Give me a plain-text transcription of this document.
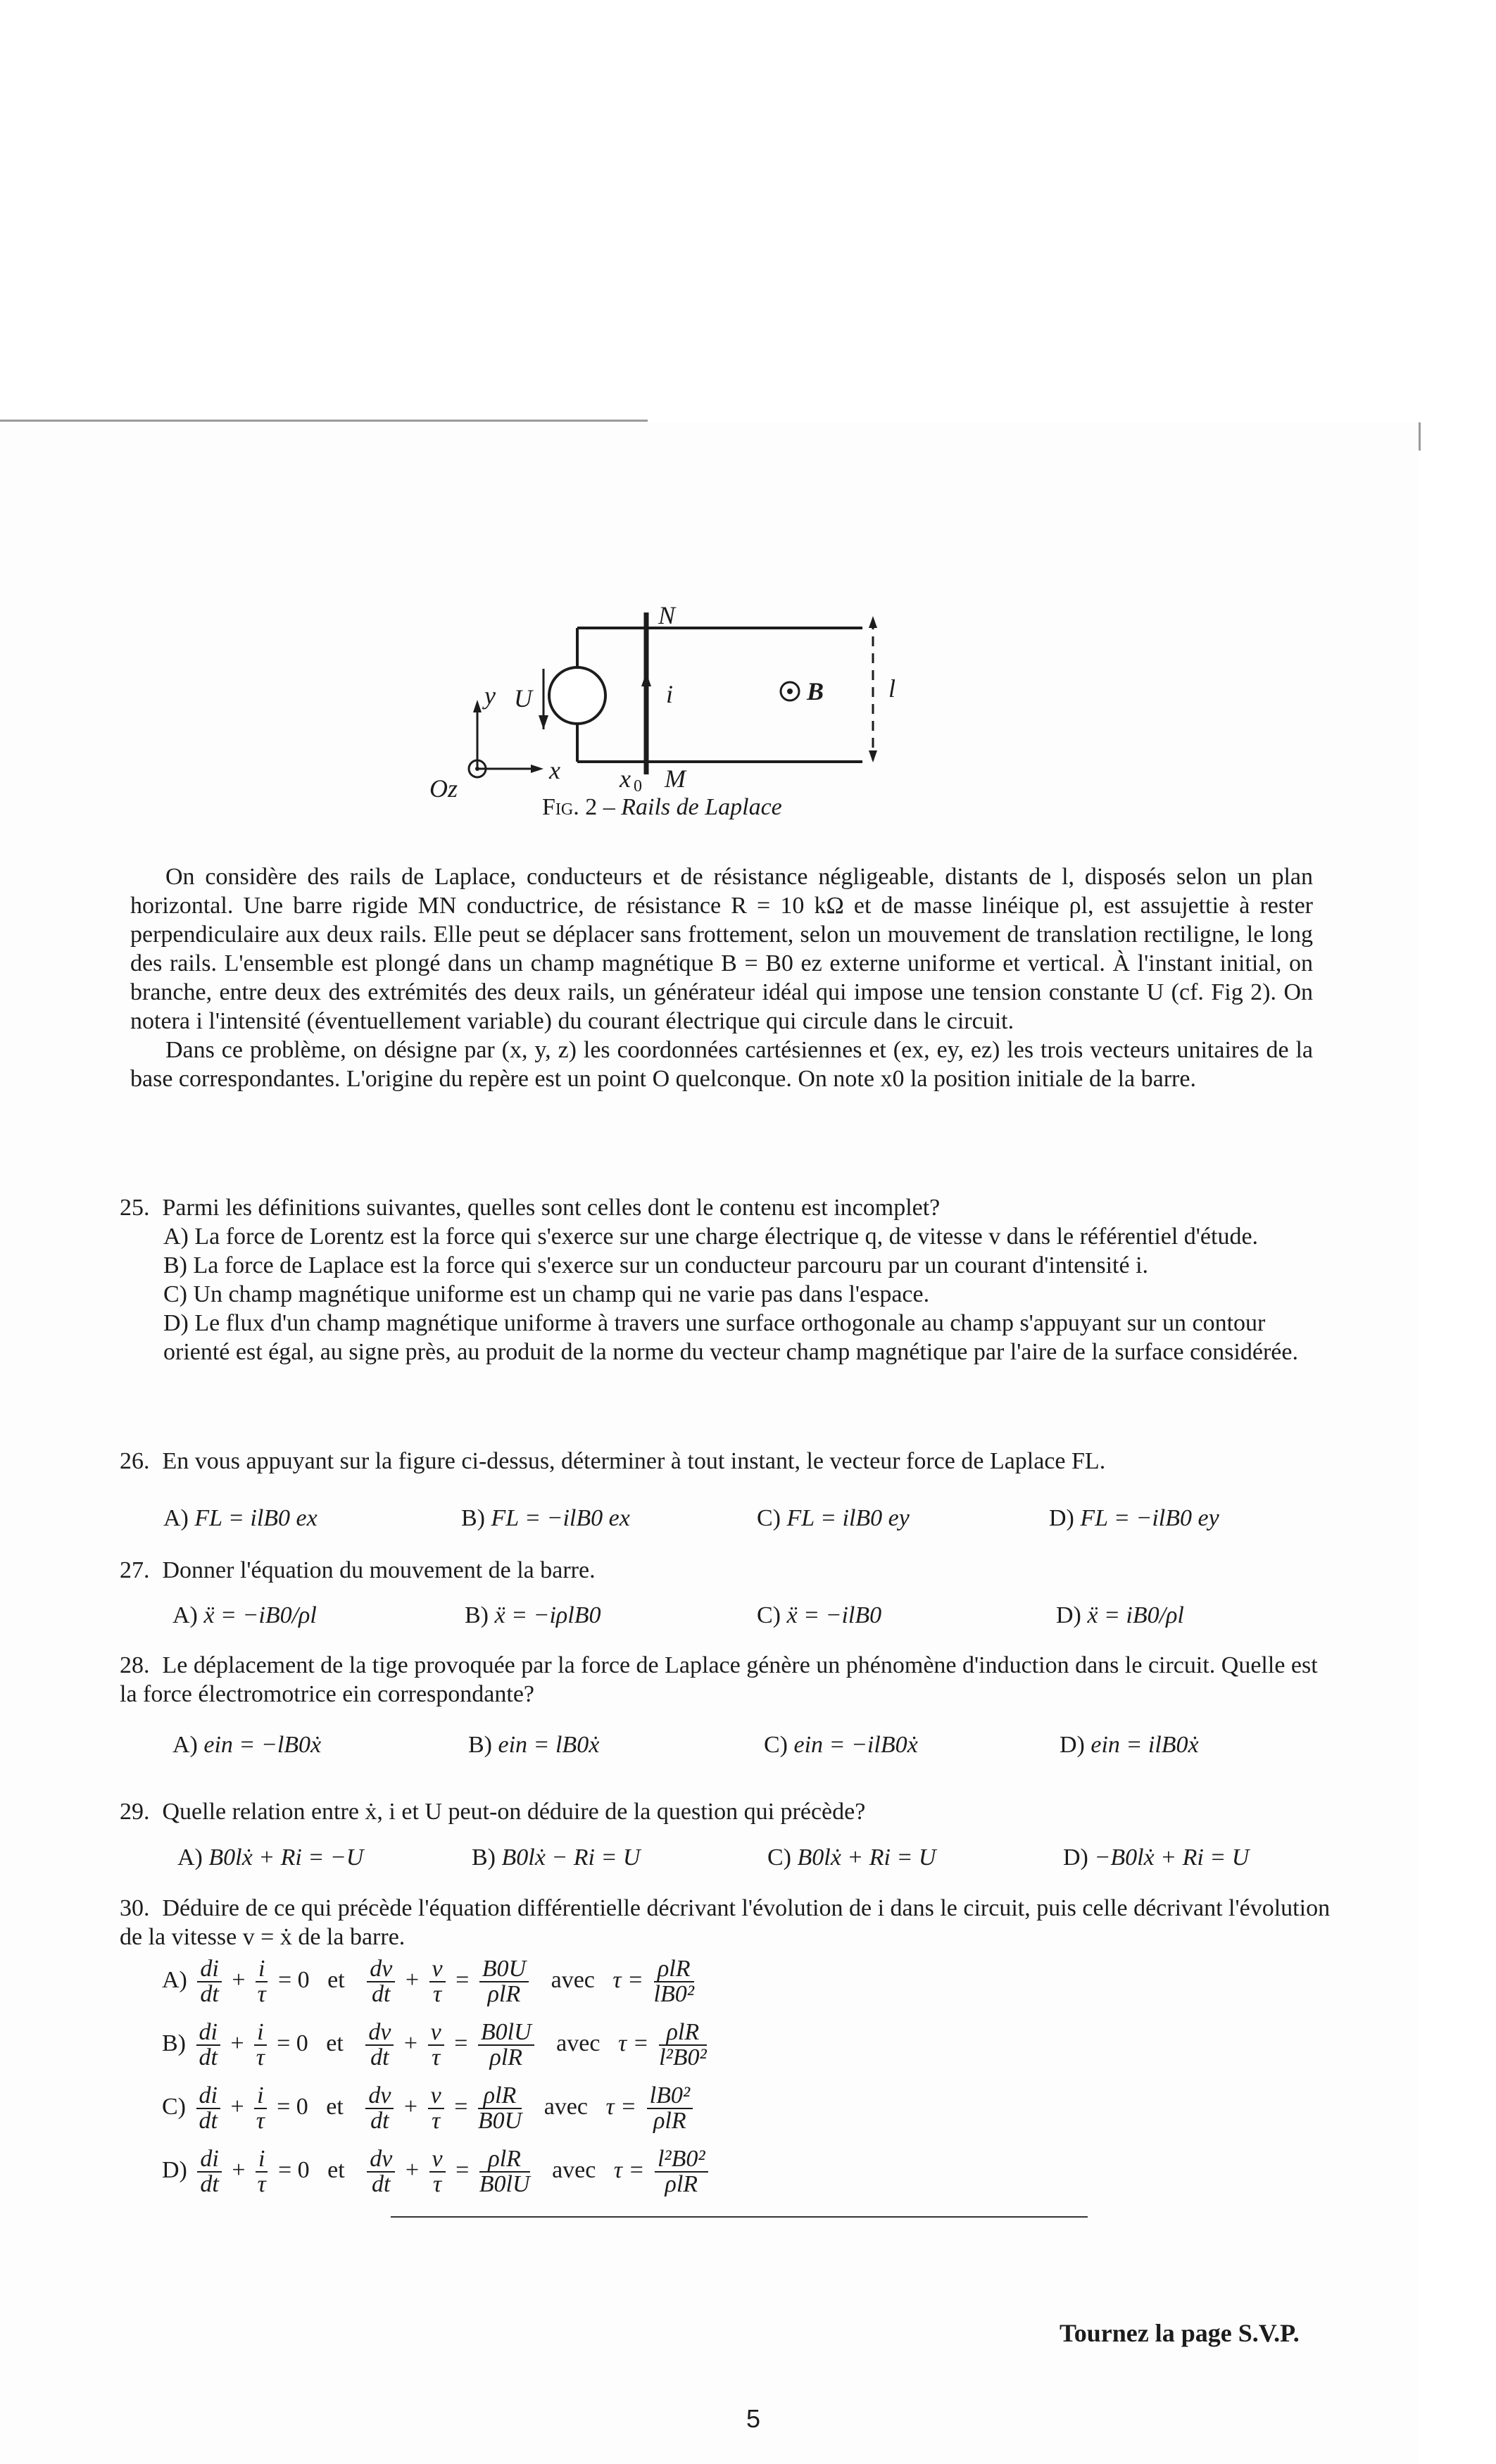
N
M
x 0
y U	i	B	l
Oz
x
Fig. 2 – Rails de Laplace

On considère des rails de Laplace, conducteurs et de résistance négligeable, distants de l, disposés selon un plan horizontal. Une barre rigide MN conductrice, de résistance R = 10 kΩ et de masse linéique ρl, est assujettie à rester perpendiculaire aux deux rails. Elle peut se déplacer sans frottement, selon un mouvement de translation rectiligne, le long des rails. L'ensemble est plongé dans un champ magnétique B = B0 ez externe uniforme et vertical. À l'instant initial, on branche, entre deux des extrémités des deux rails, un générateur idéal qui impose une tension constante U (cf. Fig 2). On notera i l'intensité (éventuellement variable) du courant électrique qui circule dans le circuit.

Dans ce problème, on désigne par (x, y, z) les coordonnées cartésiennes et (ex, ey, ez) les trois vecteurs unitaires de la base correspondantes. L'origine du repère est un point O quelconque. On note x0 la position initiale de la barre.

25. Parmi les définitions suivantes, quelles sont celles dont le contenu est incomplet?
A) La force de Lorentz est la force qui s'exerce sur une charge électrique q, de vitesse v dans le référentiel d'étude.
B) La force de Laplace est la force qui s'exerce sur un conducteur parcouru par un courant d'intensité i.
C) Un champ magnétique uniforme est un champ qui ne varie pas dans l'espace.
D) Le flux d'un champ magnétique uniforme à travers une surface orthogonale au champ s'appuyant sur un contour orienté est égal, au signe près, au produit de la norme du vecteur champ magnétique par l'aire de la surface considérée.
26. En vous appuyant sur la figure ci-dessus, déterminer à tout instant, le vecteur force de Laplace FL.
A) FL = ilB0 ex	B) FL = −ilB0 ex	C) FL = ilB0 ey	D) FL = −ilB0 ey
27. Donner l'équation du mouvement de la barre.
A) ẍ = −iB0/ρl	B) ẍ = −iρlB0	C) ẍ = −ilB0	D) ẍ = iB0/ρl
28. Le déplacement de la tige provoquée par la force de Laplace génère un phénomène d'induction dans le circuit. Quelle est la force électromotrice ein correspondante?
A) ein = −lB0ẋ	B) ein = lB0ẋ	C) ein = −ilB0ẋ	D) ein = ilB0ẋ
29. Quelle relation entre ẋ, i et U peut-on déduire de la question qui précède?
A) B0lẋ + Ri = −U	B) B0lẋ − Ri = U	C) B0lẋ + Ri = U	D) −B0lẋ + Ri = U
30. Déduire de ce qui précède l'équation différentielle décrivant l'évolution de i dans le circuit, puis celle décrivant l'évolution de la vitesse v = ẋ de la barre.
$A) \frac{di}{dt} + \frac{i}{\tau} = 0$ et $\frac{dv}{dt} + \frac{v}{\tau} = \frac{B0U}{\text{ρlR}}$ avec $\tau = \frac{\text{ρlR}}{\text{lB0²}}$
$B) \frac{di}{dt} + \frac{i}{\tau} = 0$ et $\frac{dv}{dt} + \frac{v}{\tau} = \frac{B0lU}{\text{ρlR}}$ avec $\tau = \frac{\text{ρlR}}{\text{l²B0²}}$
$C) \frac{di}{dt} + \frac{i}{\tau} = 0$ et $\frac{dv}{dt} + \frac{v}{\tau} = \frac{\text{ρlR}}{B0U}$ avec $\tau = \frac{\text{lB0²}}{\text{ρlR}}$
$D) \frac{di}{dt} + \frac{i}{\tau} = 0$ et $\frac{dv}{dt} + \frac{v}{\tau} = \frac{\text{ρlR}}{B0lU}$ avec $\tau = \frac{\text{l²B0²}}{\text{ρlR}}$
Tournez la page S.V.P.
5
